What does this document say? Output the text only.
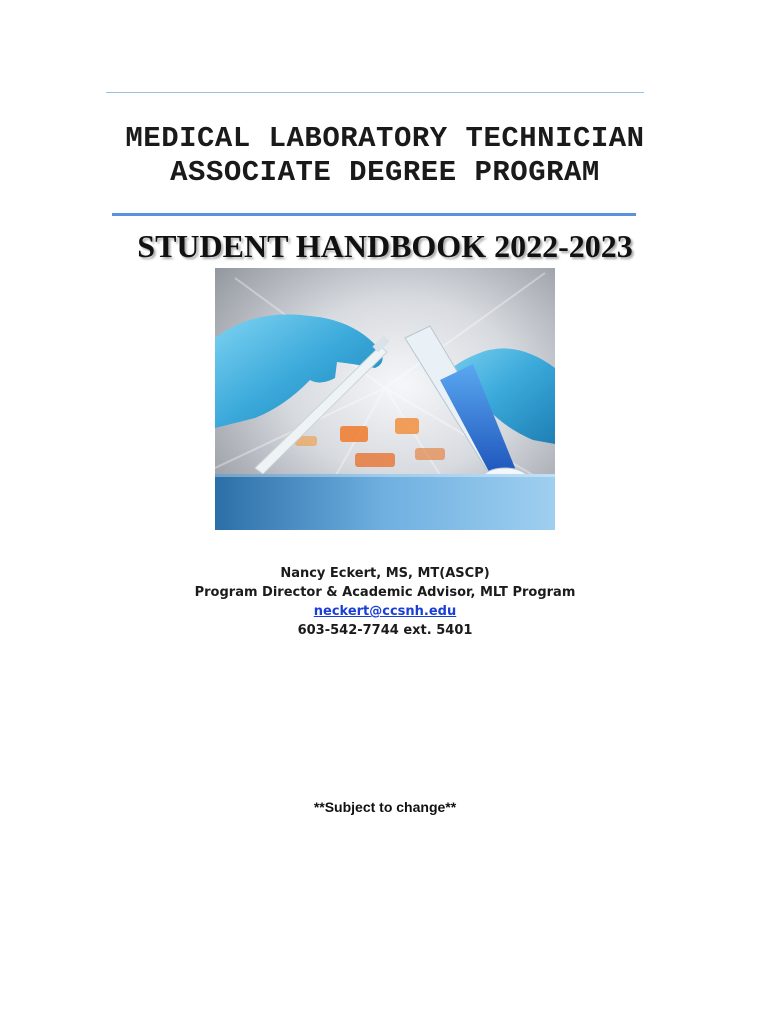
MEDICAL LABORATORY TECHNICIAN
ASSOCIATE DEGREE PROGRAM
STUDENT HANDBOOK 2022-2023
Nancy Eckert, MS, MT(ASCP)
Program Director & Academic Advisor, MLT Program
neckert@ccsnh.edu
603-542-7744 ext. 5401
**Subject to change**
